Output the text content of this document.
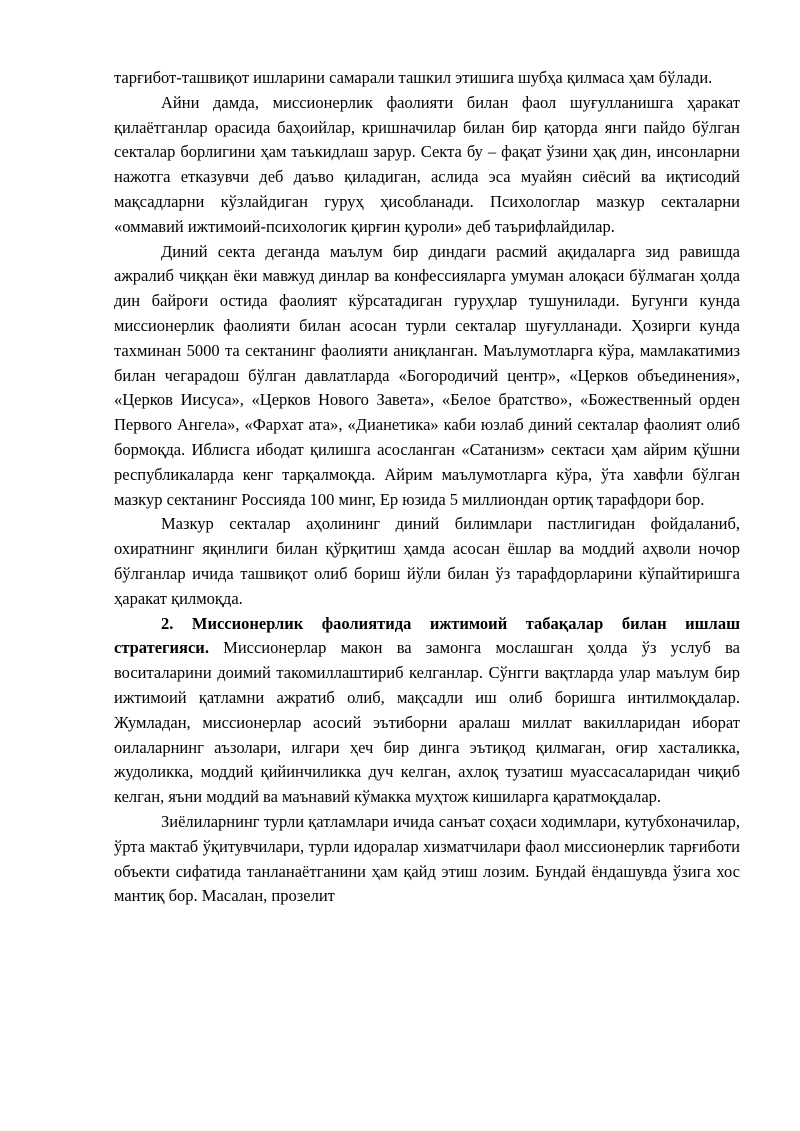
тарғибот-ташвиқот ишларини самарали ташкил этишига шубҳа қилмаса ҳам бўлади.

Айни дамда, миссионерлик фаолияти билан фаол шуғулланишга ҳаракат қилаётганлар орасида баҳоийлар, кришначилар билан бир қаторда янги пайдо бўлган секталар борлигини ҳам таъкидлаш зарур. Секта бу – фақат ўзини ҳақ дин, инсонларни нажотга етказувчи деб даъво қиладиган, аслида эса муайян сиёсий ва иқтисодий мақсадларни кўзлайдиган гуруҳ ҳисобланади. Психологлар мазкур секталарни «оммавий ижтимоий-психологик қирғин қуроли» деб таърифлайдилар.

Диний секта деганда маълум бир диндаги расмий ақидаларга зид равишда ажралиб чиққан ёки мавжуд динлар ва конфессияларга умуман алоқаси бўлмаган ҳолда дин байроғи остида фаолият кўрсатадиган гуруҳлар тушунилади. Бугунги кунда миссионерлик фаолияти билан асосан турли секталар шуғулланади. Ҳозирги кунда тахминан 5000 та сектанинг фаолияти аниқланган. Маълумотларга кўра, мамлакатимиз билан чегарадош бўлган давлатларда «Богородичий центр», «Церков объединения», «Церков Иисуса», «Церков Нового Завета», «Белое братство», «Божественный орден Первого Ангела», «Фархат ата», «Дианетика» каби юзлаб диний секталар фаолият олиб бормоқда. Иблисга ибодат қилишга асосланган «Сатанизм» сектаси ҳам айрим қўшни республикаларда кенг тарқалмоқда. Айрим маълумотларга кўра, ўта хавфли бўлган мазкур сектанинг Россияда 100 минг, Ер юзида 5 миллиондан ортиқ тарафдори бор.

Мазкур секталар аҳолининг диний билимлари пастлигидан фойдаланиб, охиратнинг яқинлиги билан қўрқитиш ҳамда асосан ёшлар ва моддий аҳволи ночор бўлганлар ичида ташвиқот олиб бориш йўли билан ўз тарафдорларини кўпайтиришга ҳаракат қилмоқда.

2. Миссионерлик фаолиятида ижтимоий табақалар билан ишлаш стратегияси. Миссионерлар макон ва замонга мослашган ҳолда ўз услуб ва воситаларини доимий такомиллаштириб келганлар. Сўнгги вақтларда улар маълум бир ижтимоий қатламни ажратиб олиб, мақсадли иш олиб боришга интилмоқдалар. Жумладан, миссионерлар асосий эътиборни аралаш миллат вакилларидан иборат оилаларнинг аъзолари, илгари ҳеч бир динга эътиқод қилмаган, оғир хасталикка, жудоликка, моддий қийинчиликка дуч келган, ахлоқ тузатиш муассасаларидан чиқиб келган, яъни моддий ва маънавий кўмакка муҳтож кишиларга қаратмоқдалар.

Зиёлиларнинг турли қатламлари ичида санъат соҳаси ходимлари, кутубхоначилар, ўрта мактаб ўқитувчилари, турли идоралар хизматчилари фаол миссионерлик тарғиботи объекти сифатида танланаётганини ҳам қайд этиш лозим. Бундай ёндашувда ўзига хос мантиқ бор. Масалан, прозелит
